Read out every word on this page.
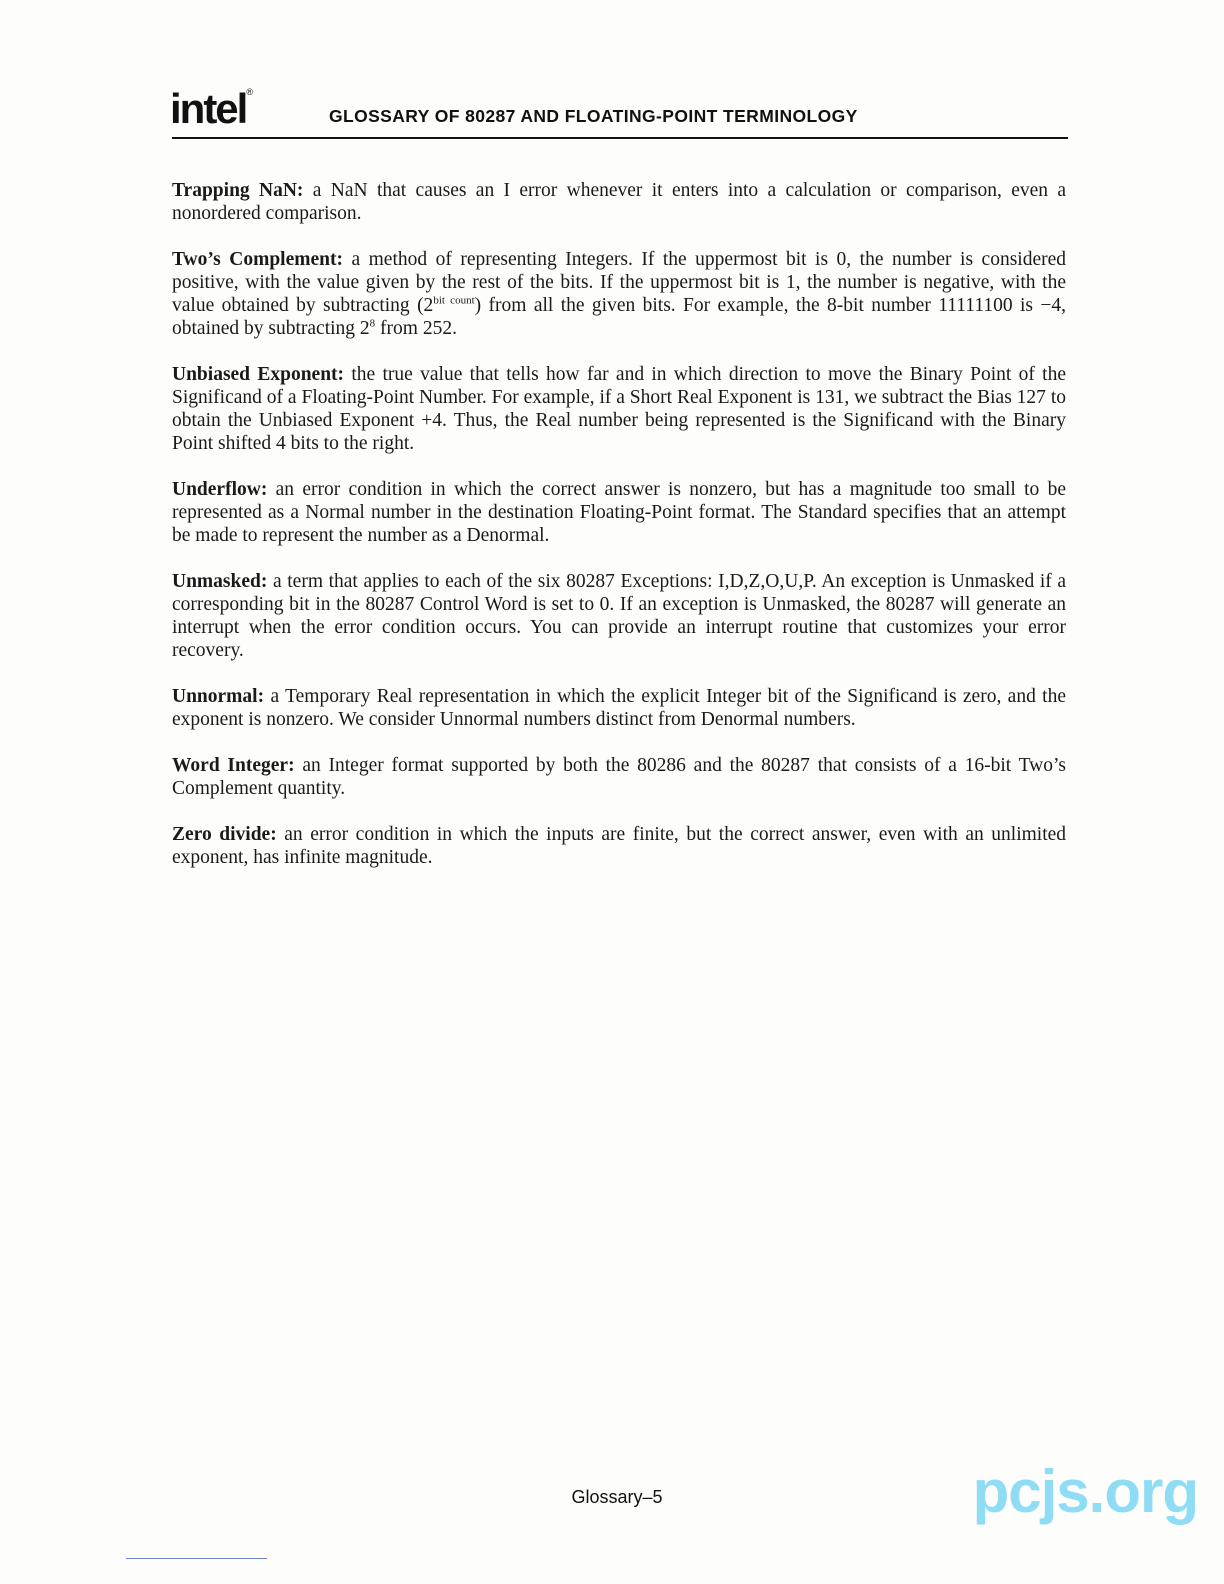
intel®
GLOSSARY OF 80287 AND FLOATING-POINT TERMINOLOGY

Trapping NaN: a NaN that causes an I error whenever it enters into a calculation or comparison, even a nonordered comparison.

Two’s Complement: a method of representing Integers. If the uppermost bit is 0, the number is considered positive, with the value given by the rest of the bits. If the uppermost bit is 1, the number is negative, with the value obtained by subtracting $(2^{bit count})$ from all the given bits. For example, the 8-bit number 11111100 is −4, obtained by subtracting $2^8$ from 252.

Unbiased Exponent: the true value that tells how far and in which direction to move the Binary Point of the Significand of a Floating-Point Number. For example, if a Short Real Exponent is 131, we subtract the Bias 127 to obtain the Unbiased Exponent +4. Thus, the Real number being represented is the Significand with the Binary Point shifted 4 bits to the right.

Underflow: an error condition in which the correct answer is nonzero, but has a magnitude too small to be represented as a Normal number in the destination Floating-Point format. The Standard specifies that an attempt be made to represent the number as a Denormal.

Unmasked: a term that applies to each of the six 80287 Exceptions: I,D,Z,O,U,P. An exception is Unmasked if a corresponding bit in the 80287 Control Word is set to 0. If an exception is Unmasked, the 80287 will generate an interrupt when the error condition occurs. You can provide an interrupt routine that customizes your error recovery.

Unnormal: a Temporary Real representation in which the explicit Integer bit of the Significand is zero, and the exponent is nonzero. We consider Unnormal numbers distinct from Denormal numbers.

Word Integer: an Integer format supported by both the 80286 and the 80287 that consists of a 16-bit Two’s Complement quantity.

Zero divide: an error condition in which the inputs are finite, but the correct answer, even with an unlimited exponent, has infinite magnitude.

Glossary–5	pcjs.org
